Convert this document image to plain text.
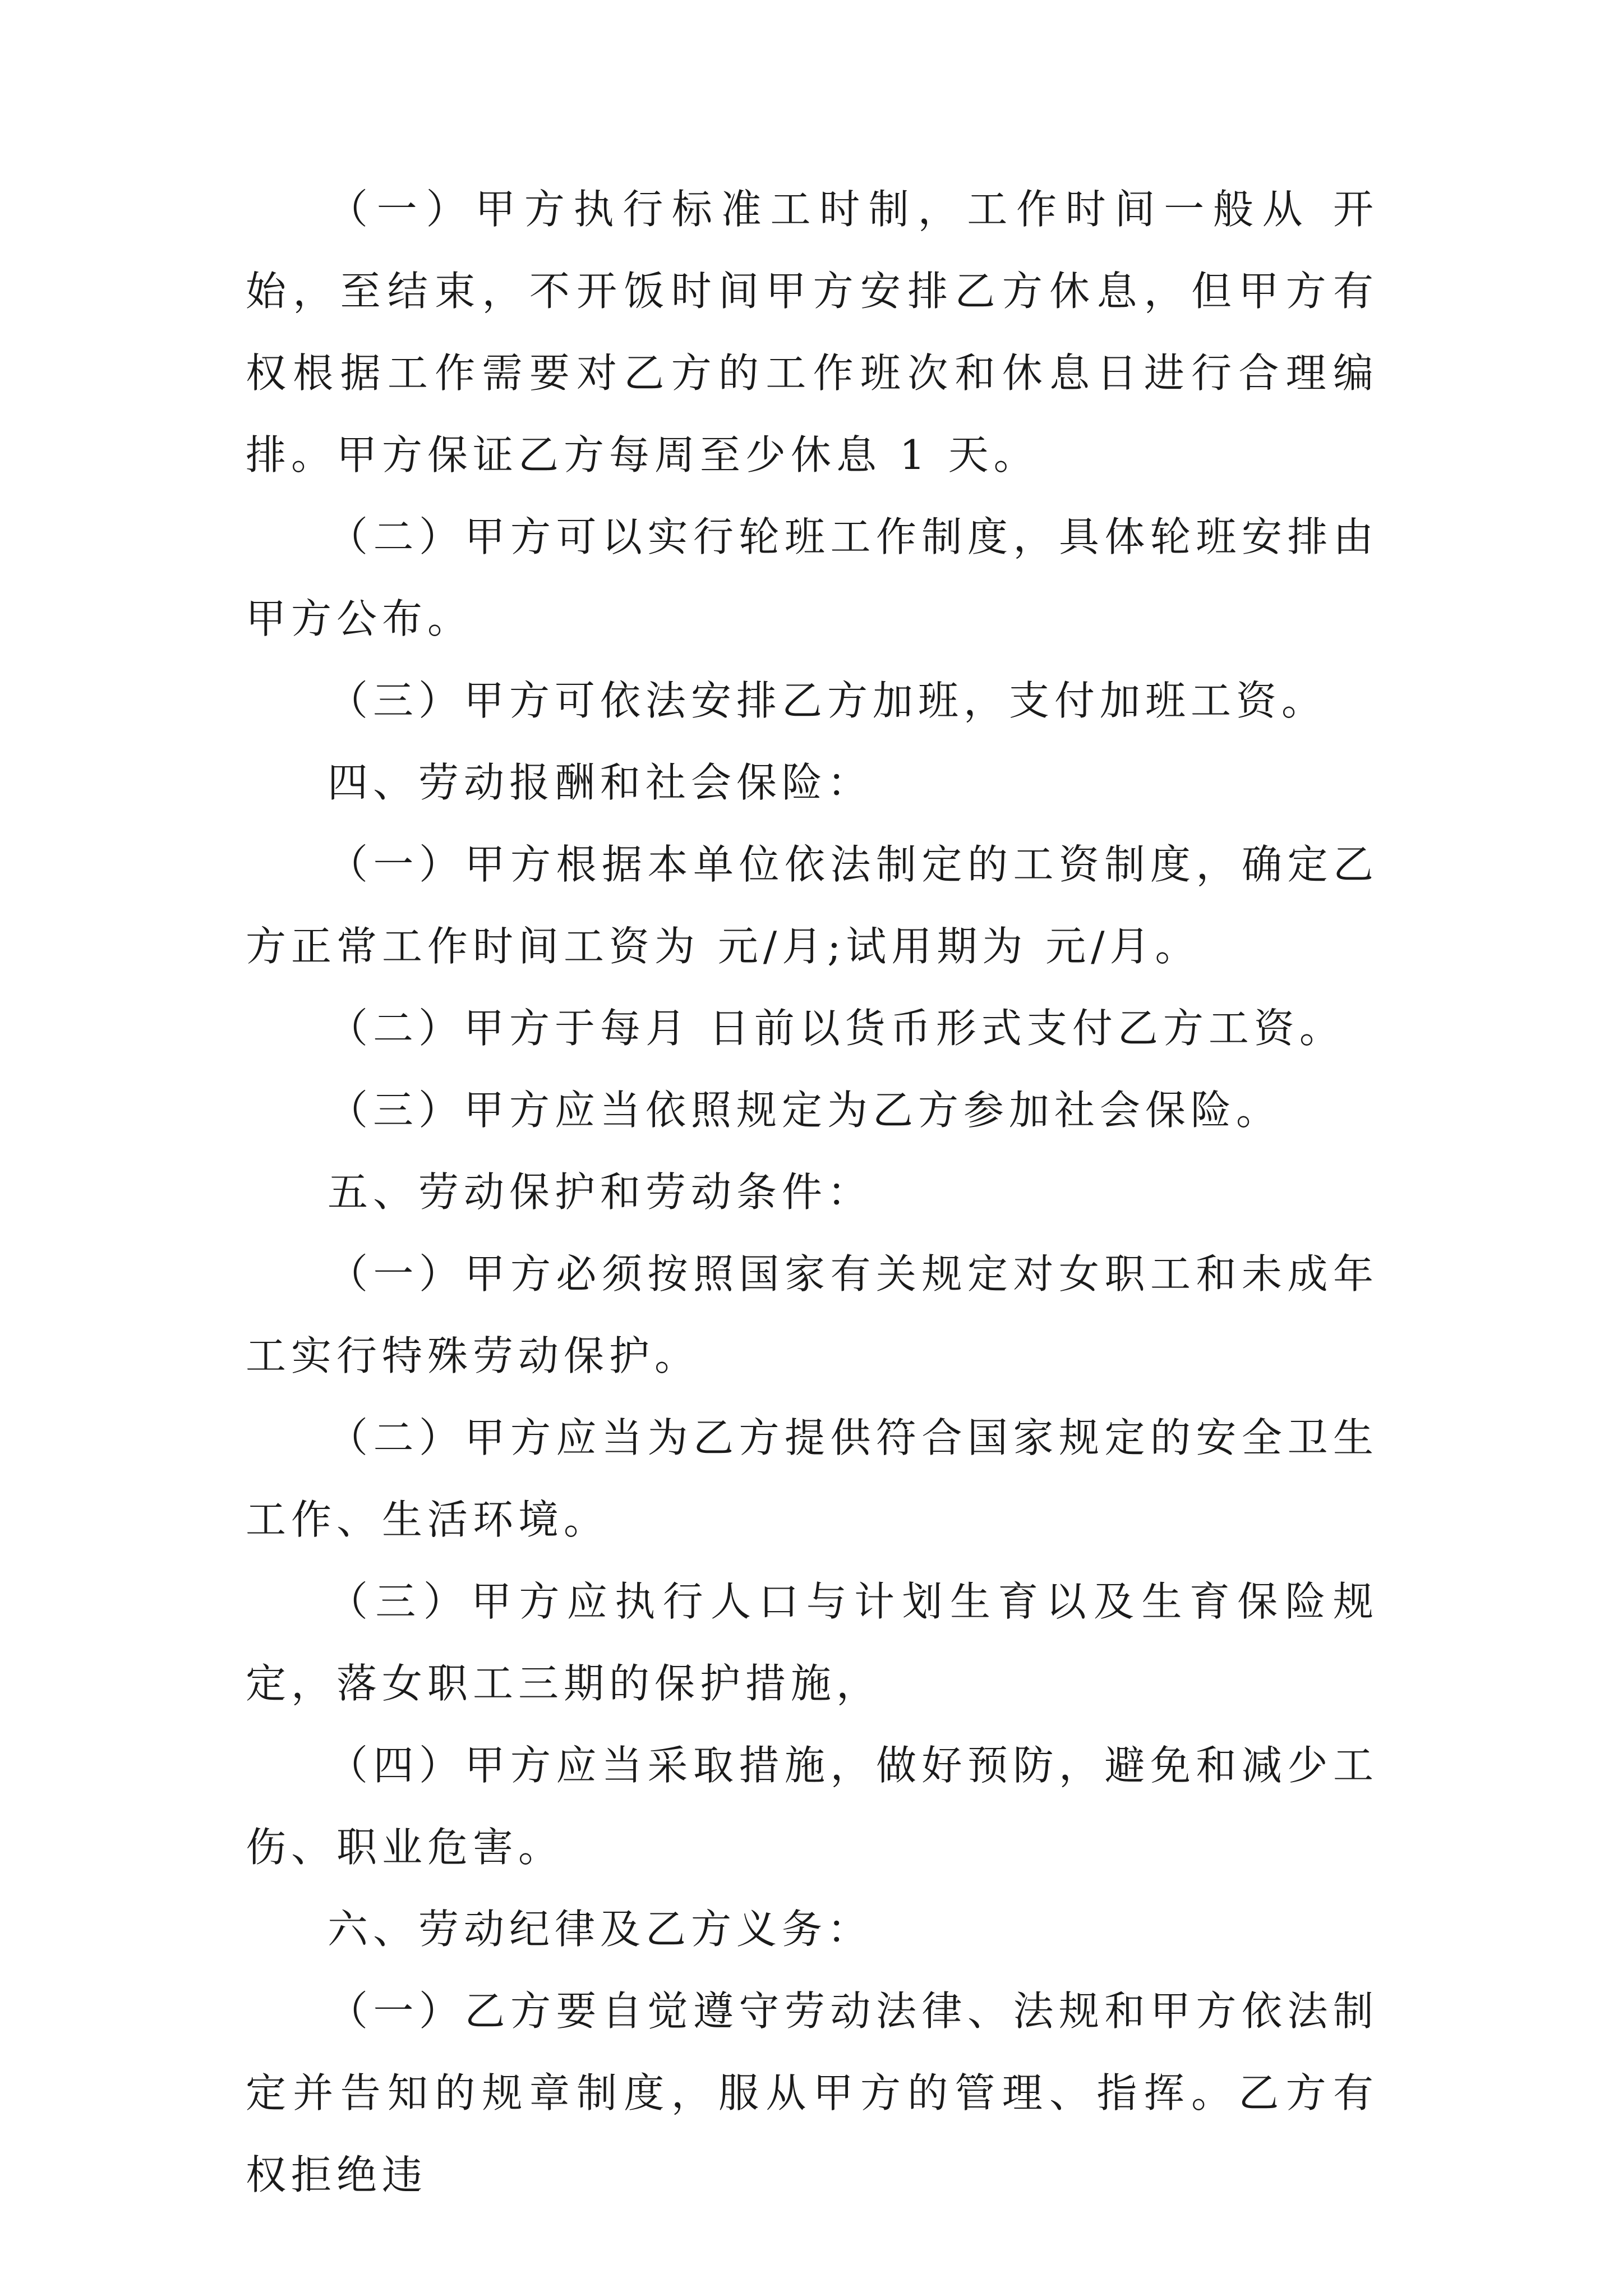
（一）甲方执行标准工时制，工作时间一般从 开始，至结束，不开饭时间甲方安排乙方休息，但甲方有权根据工作需要对乙方的工作班次和休息日进行合理编排。甲方保证乙方每周至少休息 1 天。

（二）甲方可以实行轮班工作制度，具体轮班安排由甲方公布。

（三）甲方可依法安排乙方加班，支付加班工资。

四、劳动报酬和社会保险：

（一）甲方根据本单位依法制定的工资制度，确定乙方正常工作时间工资为 元/月;试用期为 元/月。

（二）甲方于每月 日前以货币形式支付乙方工资。

（三）甲方应当依照规定为乙方参加社会保险。

五、劳动保护和劳动条件：

（一）甲方必须按照国家有关规定对女职工和未成年工实行特殊劳动保护。

（二）甲方应当为乙方提供符合国家规定的安全卫生工作、生活环境。

（三）甲方应执行人口与计划生育以及生育保险规定，落女职工三期的保护措施，

（四）甲方应当采取措施，做好预防，避免和减少工伤、职业危害。

六、劳动纪律及乙方义务：

（一）乙方要自觉遵守劳动法律、法规和甲方依法制定并告知的规章制度，服从甲方的管理、指挥。乙方有权拒绝违
